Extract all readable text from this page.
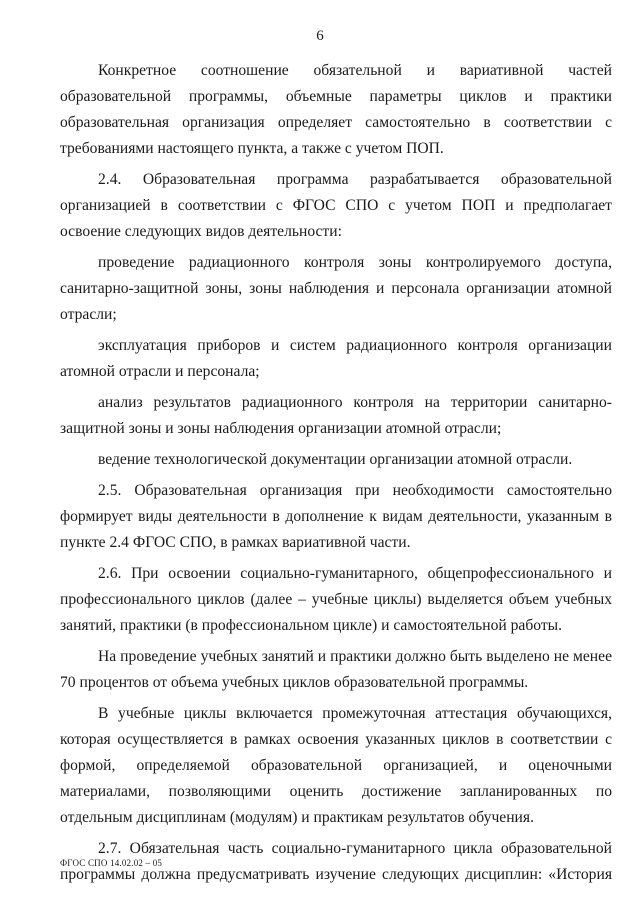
6

Конкретное соотношение обязательной и вариативной частей образовательной программы, объемные параметры циклов и практики образовательная организация определяет самостоятельно в соответствии с требованиями настоящего пункта, а также с учетом ПОП.

2.4. Образовательная программа разрабатывается образовательной организацией в соответствии с ФГОС СПО с учетом ПОП и предполагает освоение следующих видов деятельности:

проведение радиационного контроля зоны контролируемого доступа, санитарно-защитной зоны, зоны наблюдения и персонала организации атомной отрасли;

эксплуатация приборов и систем радиационного контроля организации атомной отрасли и персонала;

анализ результатов радиационного контроля на территории санитарно-защитной зоны и зоны наблюдения организации атомной отрасли;

ведение технологической документации организации атомной отрасли.

2.5. Образовательная организация при необходимости самостоятельно формирует виды деятельности в дополнение к видам деятельности, указанным в пункте 2.4 ФГОС СПО, в рамках вариативной части.

2.6. При освоении социально-гуманитарного, общепрофессионального и профессионального циклов (далее – учебные циклы) выделяется объем учебных занятий, практики (в профессиональном цикле) и самостоятельной работы.

На проведение учебных занятий и практики должно быть выделено не менее 70 процентов от объема учебных циклов образовательной программы.

В учебные циклы включается промежуточная аттестация обучающихся, которая осуществляется в рамках освоения указанных циклов в соответствии с формой, определяемой образовательной организацией, и оценочными материалами, позволяющими оценить достижение запланированных по отдельным дисциплинам (модулям) и практикам результатов обучения.

2.7. Обязательная часть социально-гуманитарного цикла образовательной программы должна предусматривать изучение следующих дисциплин: «История

ФГОС СПО 14.02.02 – 05
